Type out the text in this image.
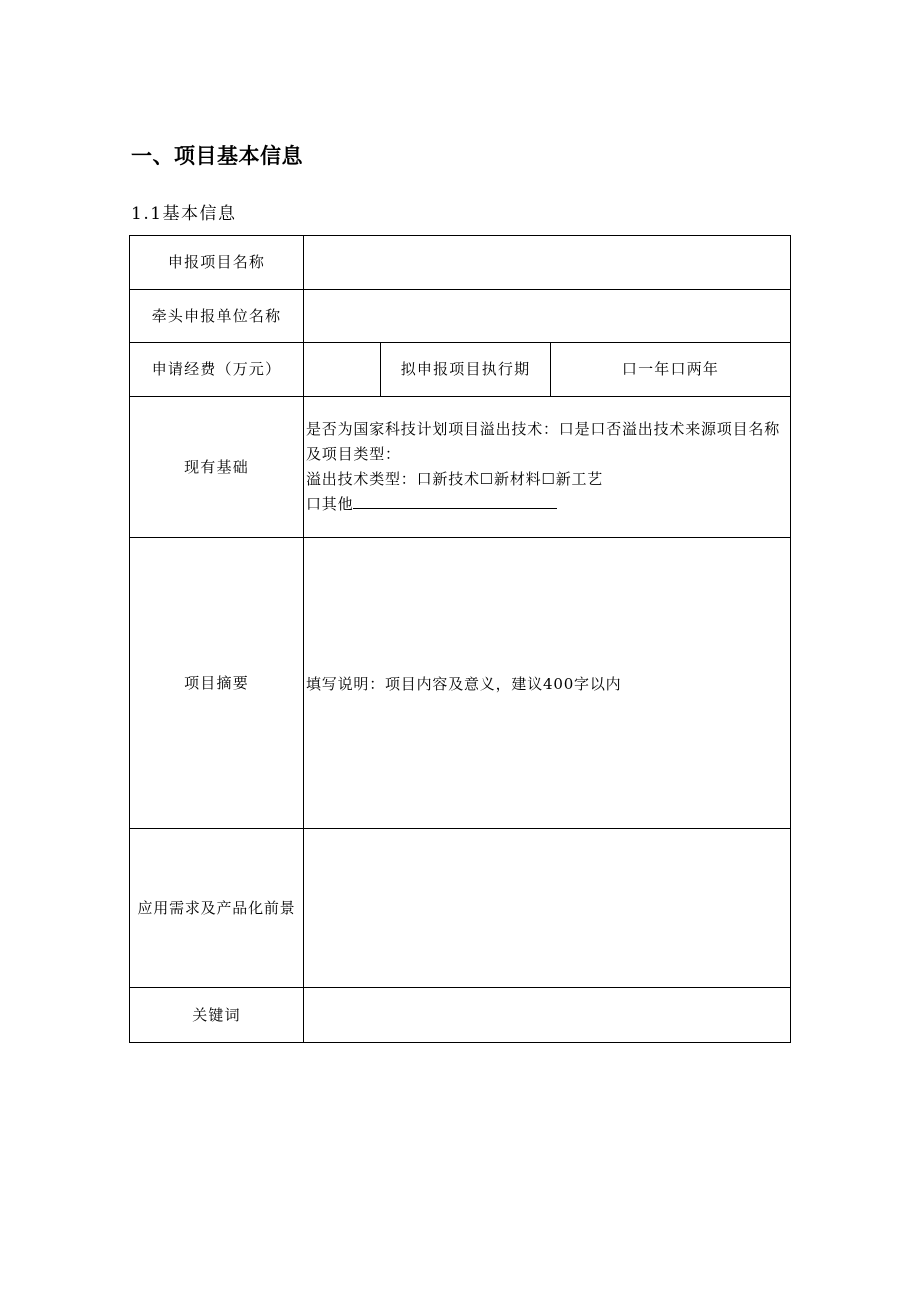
一、项目基本信息
1.1基本信息
申报项目名称			
牵头申报单位名称			
申请经费（万元）		拟申报项目执行期	口一年口两年
现有基础	是否为国家科技计划项目溢出技术：口是口否溢出技术来源项目名称及项目类型：
溢出技术类型：口新技术☐新材料☐新工艺
口其他		

项目摘要	填写说明：项目内容及意义，建议400字以内		
应用需求及产品化前景			
关键词			
